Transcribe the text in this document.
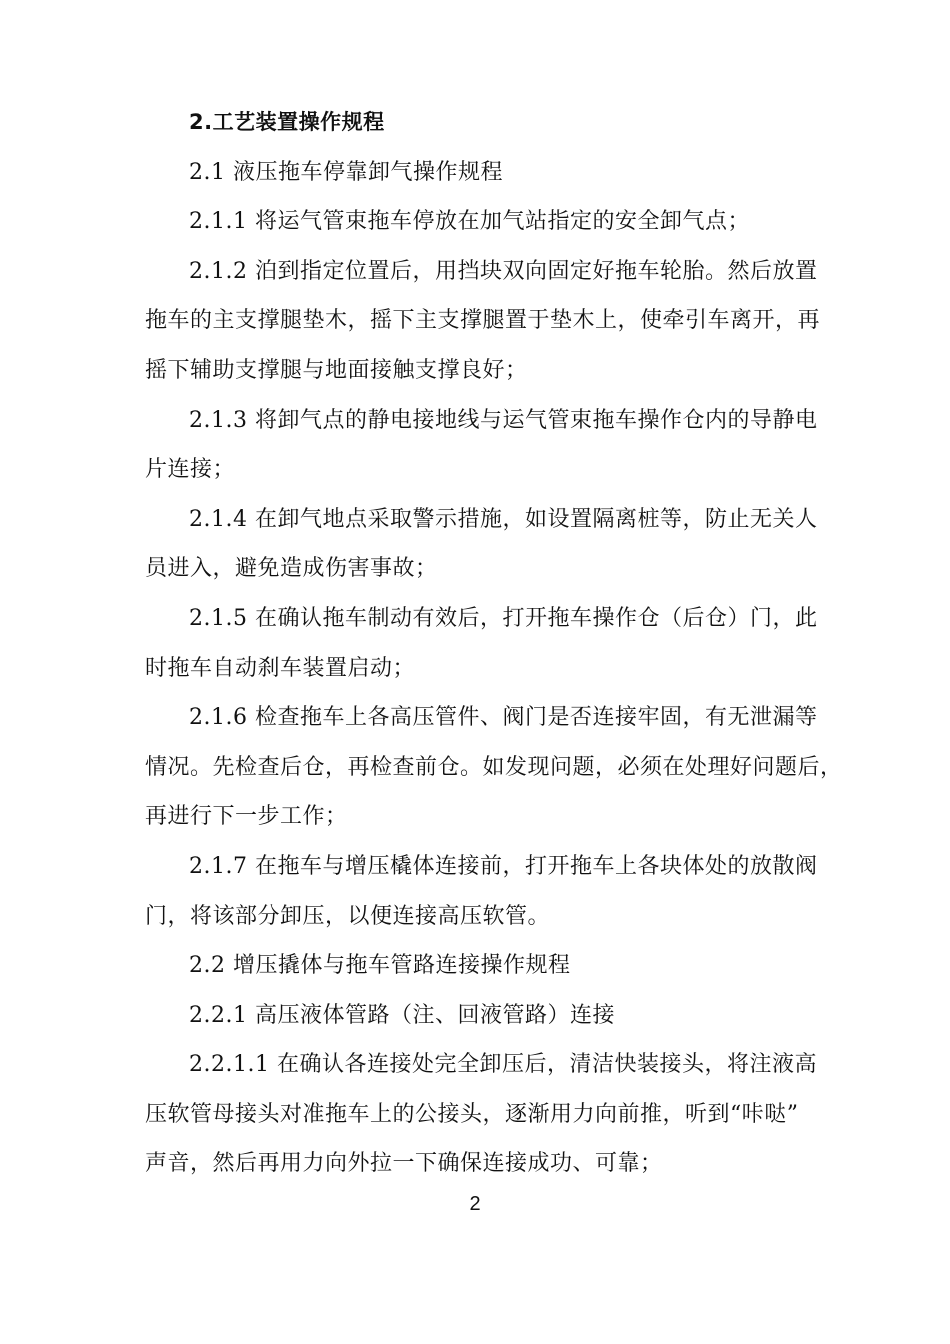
2.工艺装置操作规程
2.1 液压拖车停靠卸气操作规程
2.1.1 将运气管束拖车停放在加气站指定的安全卸气点；
2.1.2 泊到指定位置后，用挡块双向固定好拖车轮胎。然后放置
拖车的主支撑腿垫木，摇下主支撑腿置于垫木上，使牵引车离开，再
摇下辅助支撑腿与地面接触支撑良好；
2.1.3 将卸气点的静电接地线与运气管束拖车操作仓内的导静电
片连接；
2.1.4 在卸气地点采取警示措施，如设置隔离桩等，防止无关人
员进入，避免造成伤害事故；
2.1.5 在确认拖车制动有效后，打开拖车操作仓（后仓）门，此
时拖车自动刹车装置启动；
2.1.6 检查拖车上各高压管件、阀门是否连接牢固，有无泄漏等
情况。先检查后仓，再检查前仓。如发现问题，必须在处理好问题后，
再进行下一步工作；
2.1.7 在拖车与增压橇体连接前，打开拖车上各块体处的放散阀
门，将该部分卸压，以便连接高压软管。
2.2 增压撬体与拖车管路连接操作规程
2.2.1 高压液体管路（注、回液管路）连接
2.2.1.1 在确认各连接处完全卸压后，清洁快装接头，将注液高
压软管母接头对准拖车上的公接头，逐渐用力向前推，听到“咔哒”
声音，然后再用力向外拉一下确保连接成功、可靠；
2
